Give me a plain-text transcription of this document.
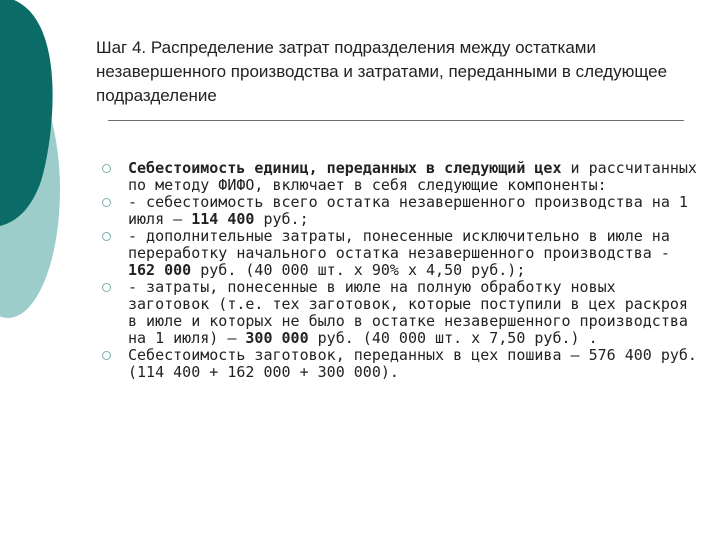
Шаг 4. Распределение затрат подразделения между остатками незавершенного производства и затратами, переданными в следующее подразделение
Себестоимость единиц, переданных в следующий цех и рассчитанных по методу ФИФО, включает в себя следующие компоненты:
- себестоимость всего остатка незавершенного производства на 1 июля — 114 400 руб.;
- дополнительные затраты, понесенные исключительно в июле на переработку начального остатка незавершенного производства - 162 000 руб. (40 000 шт. х 90% х 4,50 руб.);
- затраты, понесенные в июле на полную обработку новых заготовок (т.е. тех заготовок, которые поступили в цех раскроя в июле и которых не было в остатке незавершенного производства на 1 июля) — 300 000 руб. (40 000 шт. х 7,50 руб.) .
Себестоимость заготовок, переданных в цех пошива – 576 400 руб. (114 400 + 162 000 + 300 000).
